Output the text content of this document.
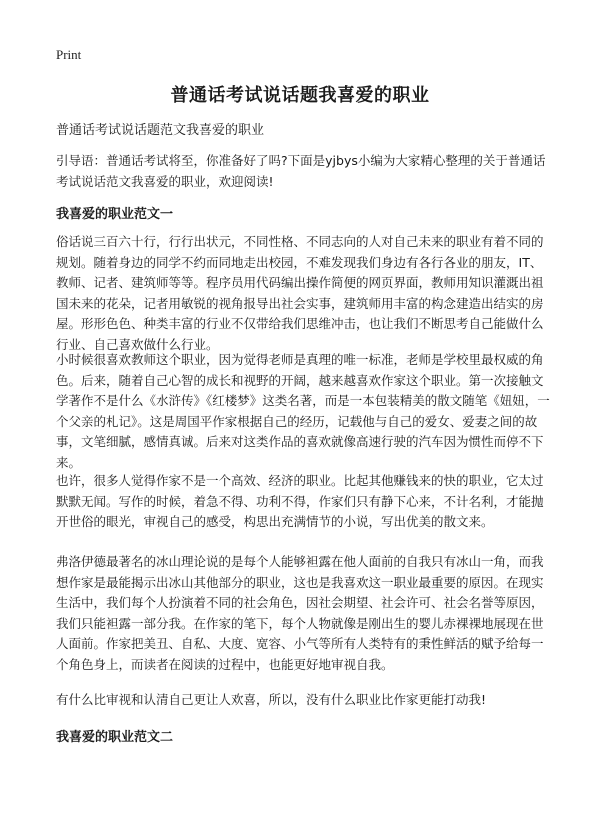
Print
普通话考试说话题我喜爱的职业
普通话考试说话题范文我喜爱的职业

引导语：普通话考试将至，你准备好了吗?下面是yjbys小编为大家精心整理的关于普通话考试说话范文我喜爱的职业，欢迎阅读!

我喜爱的职业范文一

俗话说三百六十行，行行出状元，不同性格、不同志向的人对自己未来的职业有着不同的规划。随着身边的同学不约而同地走出校园，不难发现我们身边有各行各业的朋友，IT、教师、记者、建筑师等等。程序员用代码编出操作简便的网页界面，教师用知识灌溉出祖国未来的花朵，记者用敏锐的视角报导出社会实事，建筑师用丰富的构念建造出结实的房屋。形形色色、种类丰富的行业不仅带给我们思维冲击，也让我们不断思考自己能做什么行业、自己喜欢做什么行业。

小时候很喜欢教师这个职业，因为觉得老师是真理的唯一标准，老师是学校里最权威的角色。后来，随着自己心智的成长和视野的开阔，越来越喜欢作家这个职业。第一次接触文学著作不是什么《水浒传》《红楼梦》这类名著，而是一本包装精美的散文随笔《妞妞，一个父亲的札记》。这是周国平作家根据自己的经历，记载他与自己的爱女、爱妻之间的故事，文笔细腻，感情真诚。后来对这类作品的喜欢就像高速行驶的汽车因为惯性而停不下来。

也许，很多人觉得作家不是一个高效、经济的职业。比起其他赚钱来的快的职业，它太过默默无闻。写作的时候，着急不得、功利不得，作家们只有静下心来，不计名利，才能抛开世俗的眼光，审视自己的感受，构思出充满情节的小说，写出优美的散文来。

弗洛伊德最著名的冰山理论说的是每个人能够袒露在他人面前的自我只有冰山一角，而我想作家是最能揭示出冰山其他部分的职业，这也是我喜欢这一职业最重要的原因。在现实生活中，我们每个人扮演着不同的社会角色，因社会期望、社会许可、社会名誉等原因，我们只能袒露一部分我。在作家的笔下，每个人物就像是刚出生的婴儿赤裸裸地展现在世人面前。作家把美丑、自私、大度、宽容、小气等所有人类特有的秉性鲜活的赋予给每一个角色身上，而读者在阅读的过程中，也能更好地审视自我。

有什么比审视和认清自己更让人欢喜，所以，没有什么职业比作家更能打动我!

我喜爱的职业范文二
